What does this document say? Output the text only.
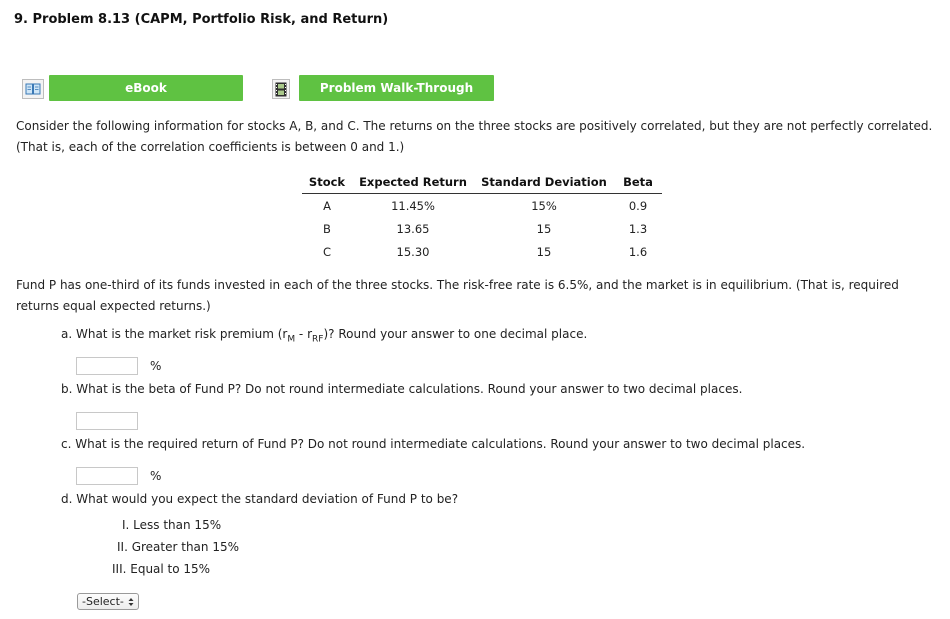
9. Problem 8.13 (CAPM, Portfolio Risk, and Return)
eBook	Problem Walk-Through
Consider the following information for stocks A, B, and C. The returns on the three stocks are positively correlated, but they are not perfectly correlated.
(That is, each of the correlation coefficients is between 0 and 1.)
Stock	Expected Return	Standard Deviation	Beta
A	11.45%	15%	0.9
B	13.65	15	1.3
C	15.30	15	1.6
Fund P has one-third of its funds invested in each of the three stocks. The risk-free rate is 6.5%, and the market is in equilibrium. (That is, required
returns equal expected returns.)
a. What is the market risk premium $(r_M - r_{RF})$? Round your answer to one decimal place.
%
b. What is the beta of Fund P? Do not round intermediate calculations. Round your answer to two decimal places.
c. What is the required return of Fund P? Do not round intermediate calculations. Round your answer to two decimal places.
%
d. What would you expect the standard deviation of Fund P to be?
I. Less than 15%
II. Greater than 15%
III. Equal to 15%
-Select-
